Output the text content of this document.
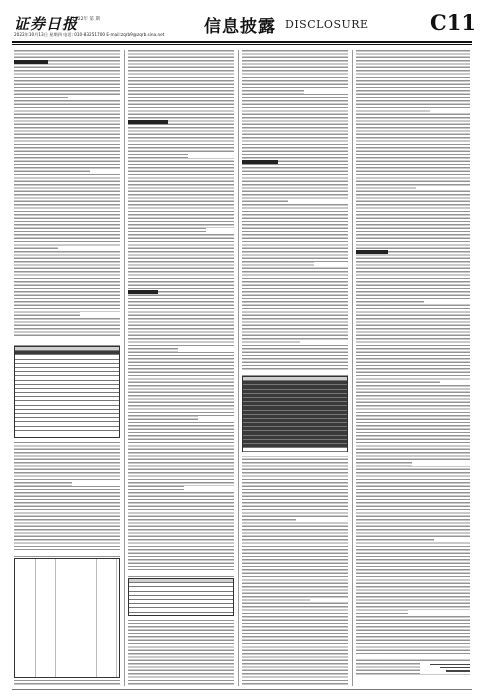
证券日报
2022年 第 期
2022年10月13日 星期四 电话: 010-83251700 E-mail:zqrb9@zqrb.sina.net 信息披露 DISCLOSURE	C11
